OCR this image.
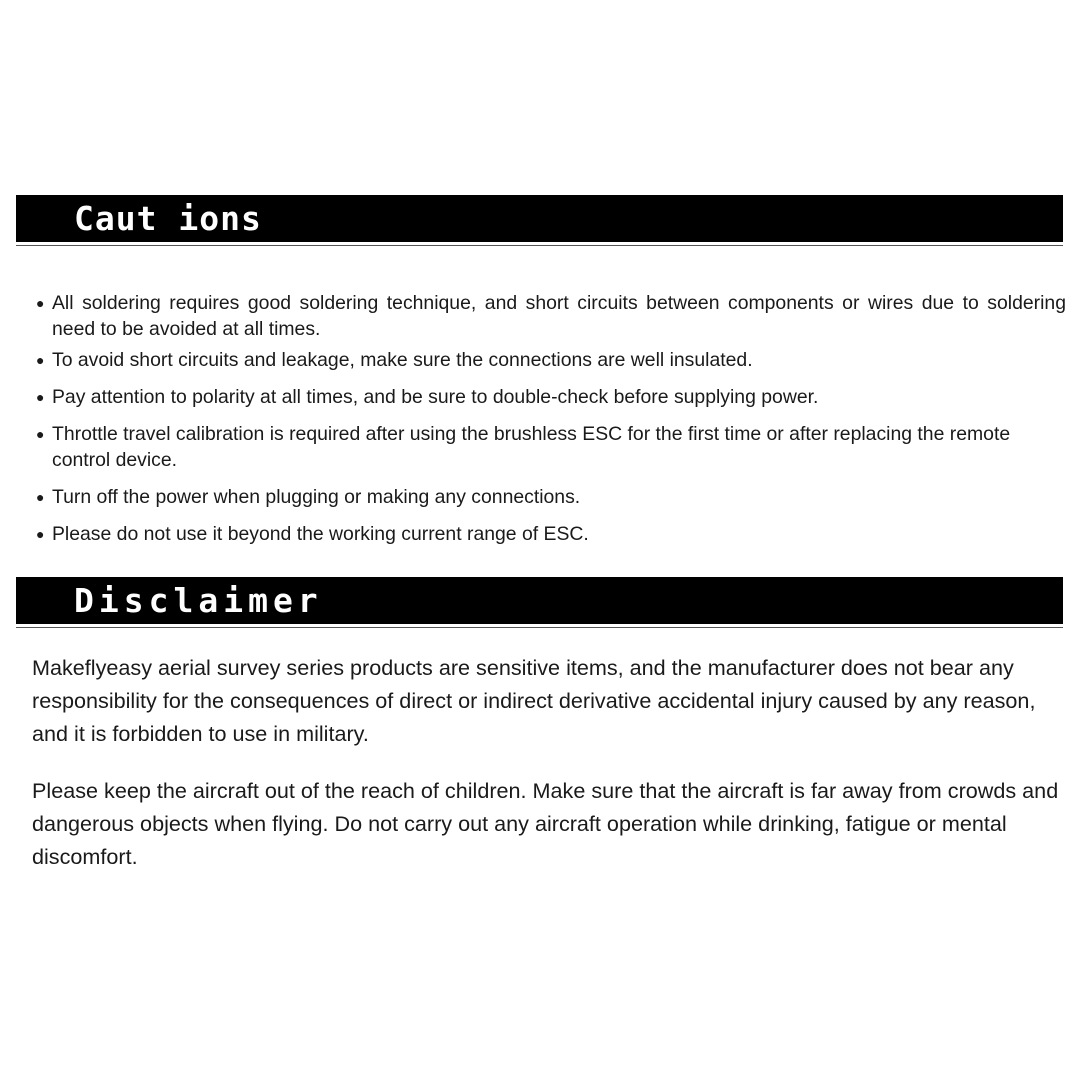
Caut ions
● All soldering requires good soldering technique, and short circuits between components or wires due to soldering need to be avoided at all times.
● To avoid short circuits and leakage, make sure the connections are well insulated.
● Pay attention to polarity at all times, and be sure to double-check before supplying power.
● Throttle travel calibration is required after using the brushless ESC for the first time or after replacing the remote control device.
● Turn off the power when plugging or making any connections.
● Please do not use it beyond the working current range of ESC.
Disclaimer

Makeflyeasy aerial survey series products are sensitive items, and the manufacturer does not bear any responsibility for the consequences of direct or indirect derivative accidental injury caused by any reason, and it is forbidden to use in military.

Please keep the aircraft out of the reach of children. Make sure that the aircraft is far away from crowds and dangerous objects when flying. Do not carry out any aircraft operation while drinking, fatigue or mental discomfort.
